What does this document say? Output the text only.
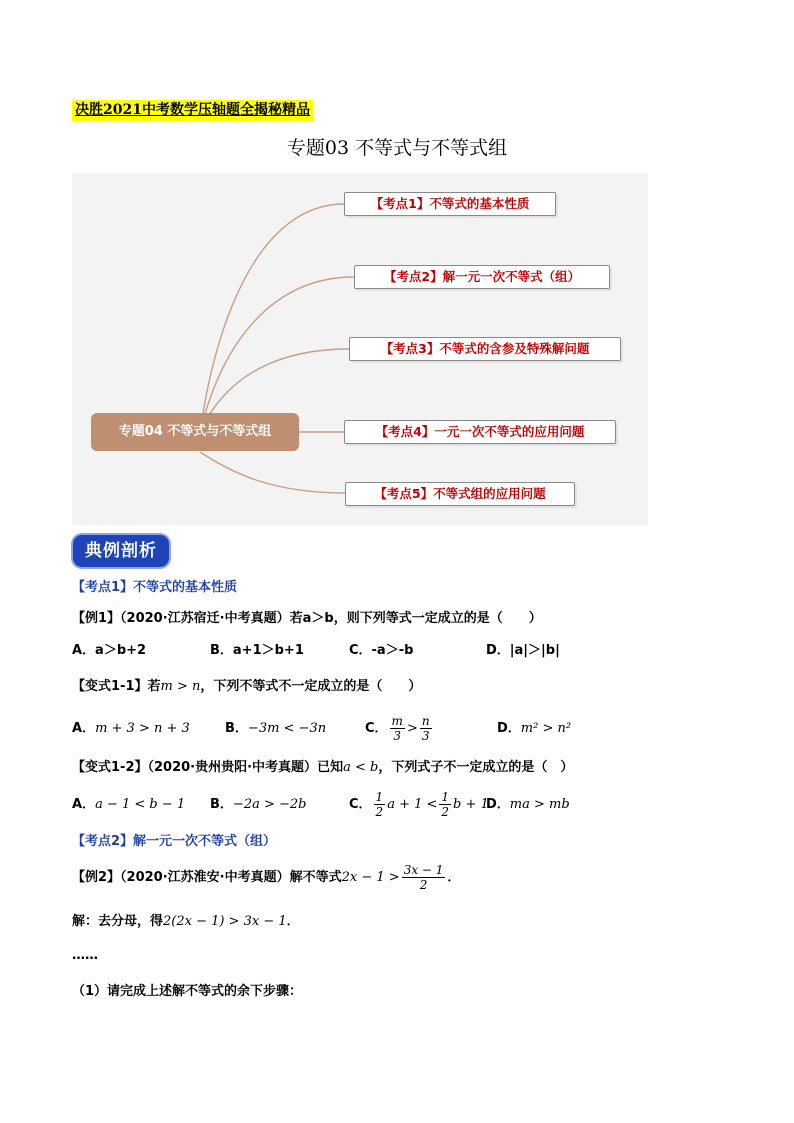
决胜2021中考数学压轴题全揭秘精品
专题03 不等式与不等式组
专题04 不等式与不等式组
【考点1】不等式的基本性质
【考点2】解一元一次不等式（组）
【考点3】不等式的含参及特殊解问题
【考点4】一元一次不等式的应用问题
【考点5】不等式组的应用问题
典例剖析
【考点1】不等式的基本性质
【例1】（2020·江苏宿迁·中考真题）若a＞b，则下列等式一定成立的是（　　）
A．a＞b+2	B．a+1＞b+1	C．-a＞-b	D．|a|＞|b|
【变式1-1】若m > n，下列不等式不一定成立的是（　　）
A．m + 3 > n + 3	B．−3m < −3n	C． $\frac{m}{3} > \frac{n}{3}$	D．m² > n²
【变式1-2】（2020·贵州贵阳·中考真题）已知a < b，下列式子不一定成立的是（　）
A．a − 1 < b − 1 B．−2a > −2b	C． $\frac{1}{2}$ $a + 1 < \frac{1}{2}$ b + 1
D．ma > mb
【考点2】解一元一次不等式（组）
【例2】（2020·江苏淮安·中考真题）解不等式$2x - 1 > \frac{3x - 1}{2}$ ．
解：去分母，得2(2x − 1) > 3x − 1．
……
（1）请完成上述解不等式的余下步骤：
